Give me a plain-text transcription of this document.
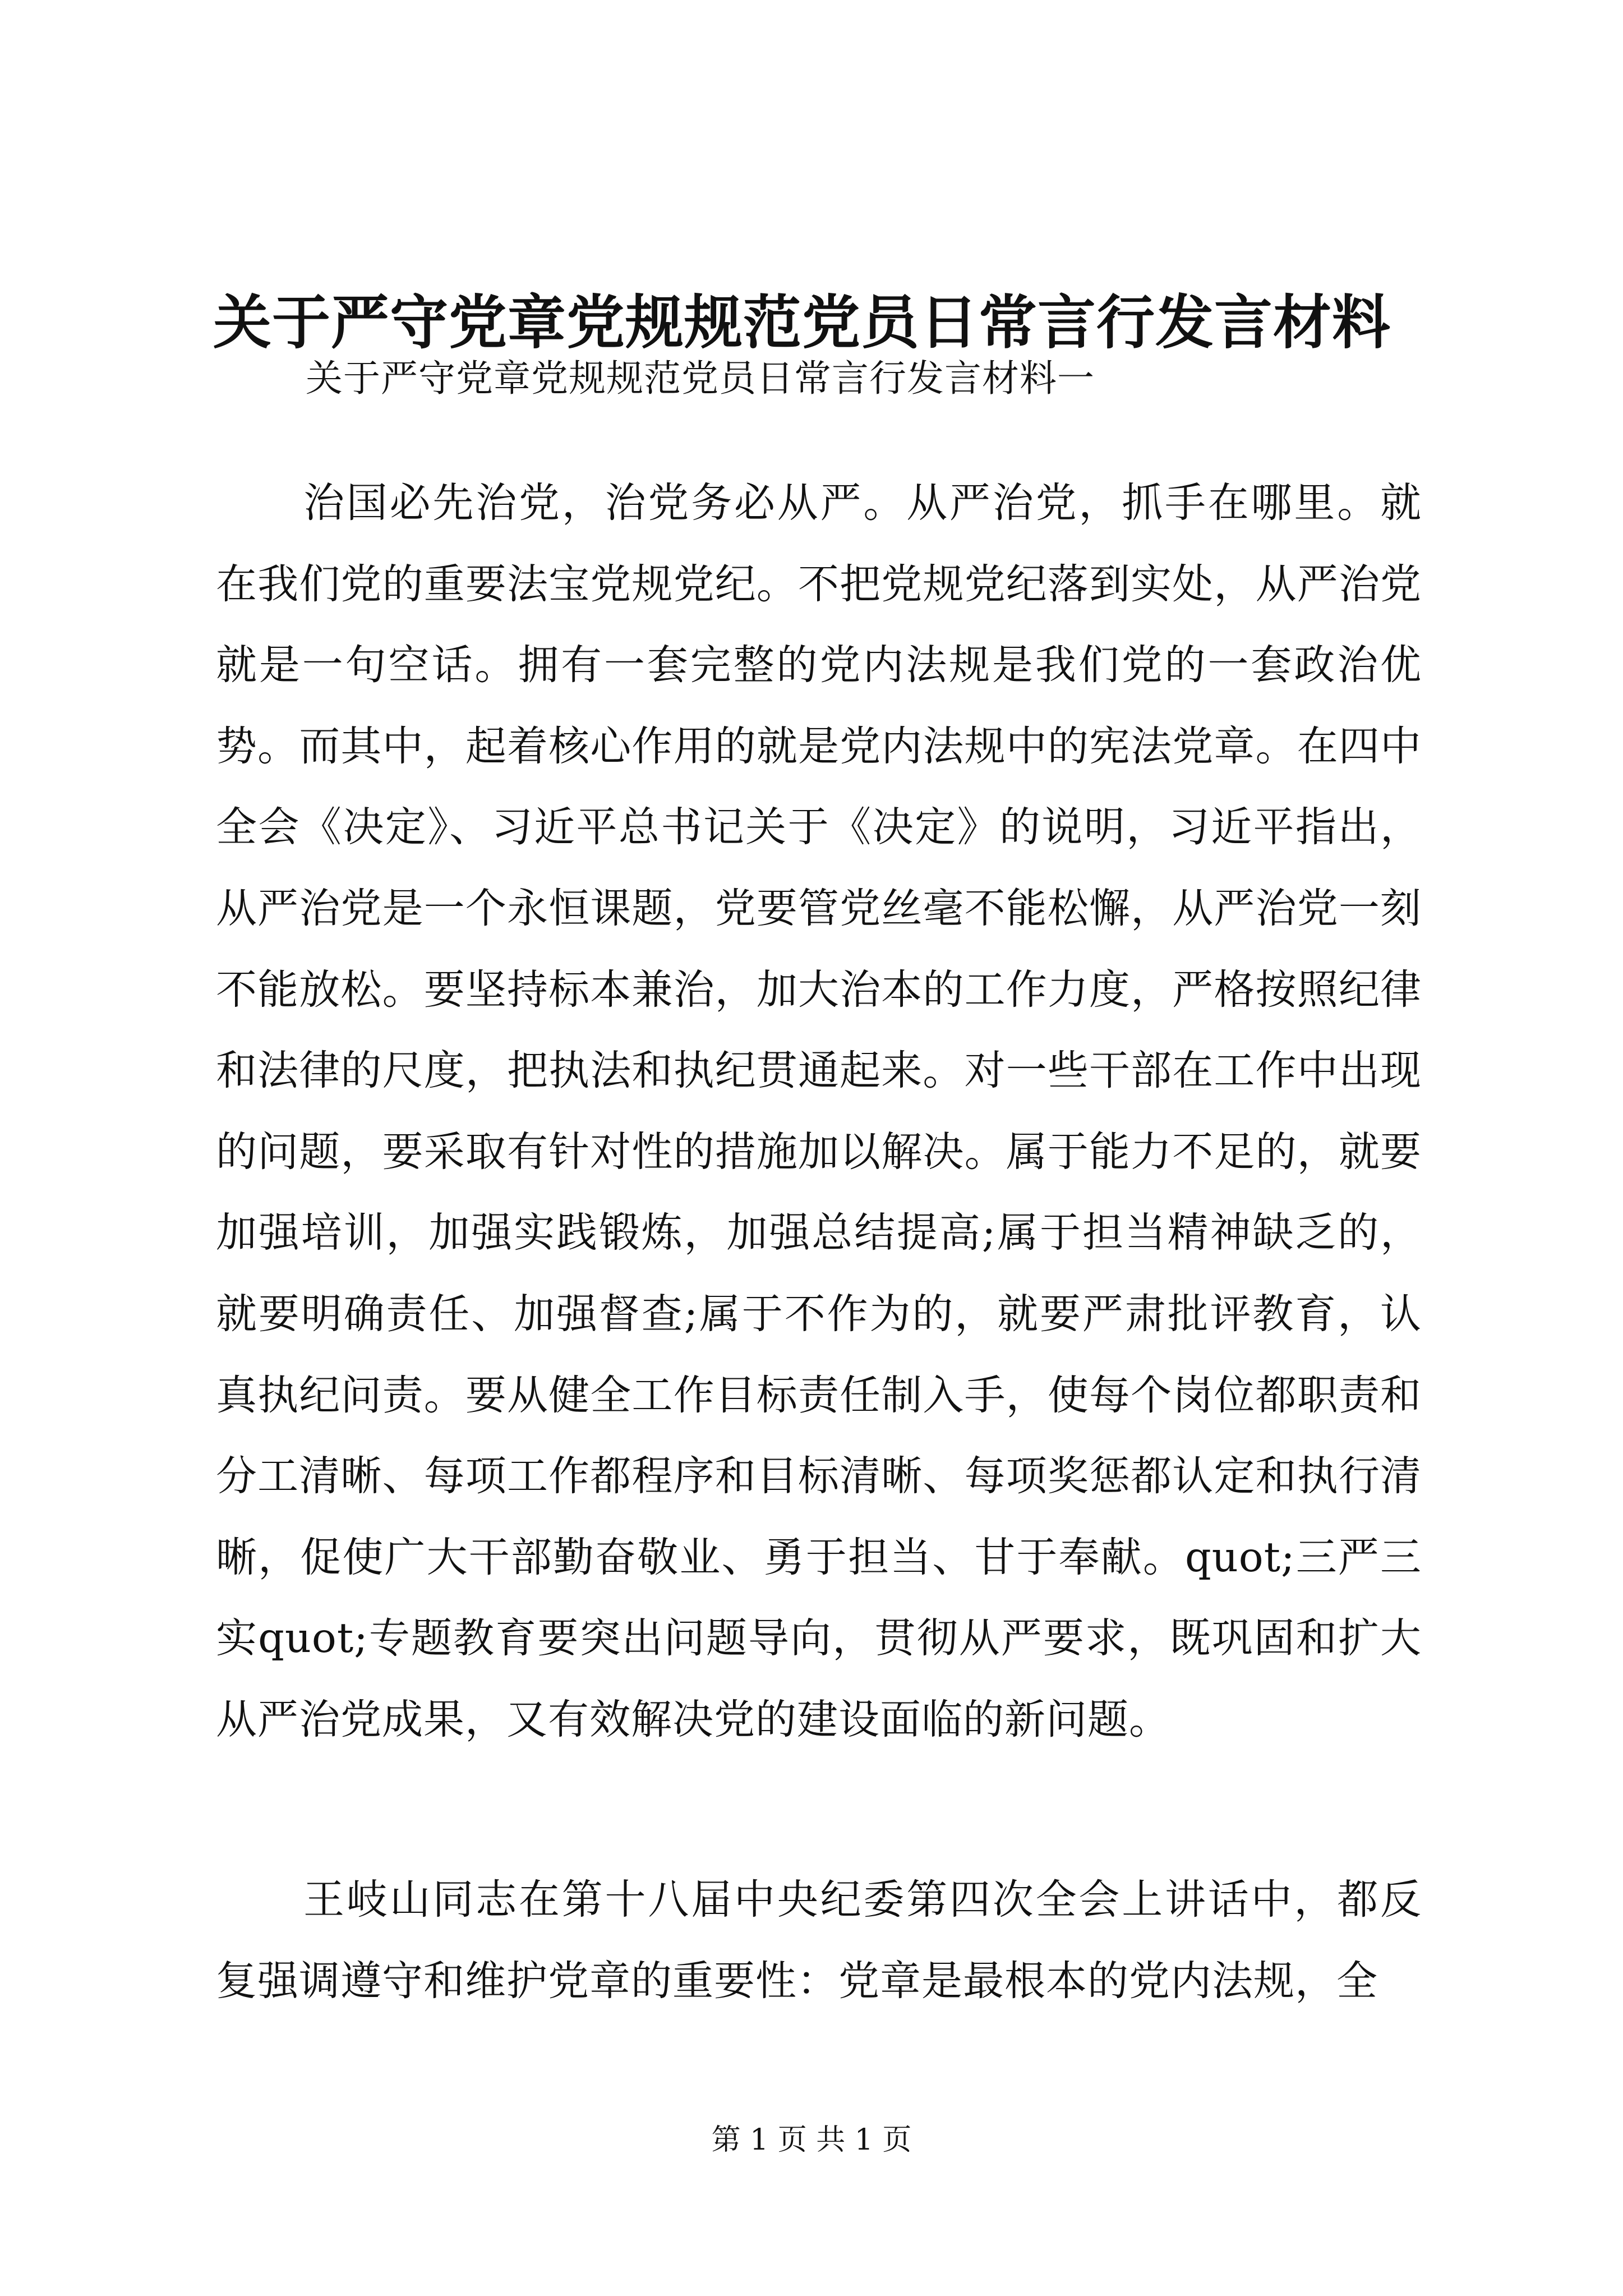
关于严守党章党规规范党员日常言行发言材料

关于严守党章党规规范党员日常言行发言材料一

治国必先治党，治党务必从严。从严治党，抓手在哪里。就在我们党的重要法宝党规党纪。不把党规党纪落到实处，从严治党就是一句空话。拥有一套完整的党内法规是我们党的一套政治优势。而其中，起着核心作用的就是党内法规中的宪法党章。在四中全会《决定》、习近平总书记关于《决定》的说明，习近平指出，从严治党是一个永恒课题，党要管党丝毫不能松懈，从严治党一刻不能放松。要坚持标本兼治，加大治本的工作力度，严格按照纪律和法律的尺度，把执法和执纪贯通起来。对一些干部在工作中出现的问题，要采取有针对性的措施加以解决。属于能力不足的，就要加强培训，加强实践锻炼，加强总结提高;属于担当精神缺乏的，就要明确责任、加强督查;属于不作为的，就要严肃批评教育，认真执纪问责。要从健全工作目标责任制入手，使每个岗位都职责和分工清晰、每项工作都程序和目标清晰、每项奖惩都认定和执行清晰，促使广大干部勤奋敬业、勇于担当、甘于奉献。quot;三严三实quot;专题教育要突出问题导向，贯彻从严要求，既巩固和扩大从严治党成果，又有效解决党的建设面临的新问题。

王岐山同志在第十八届中央纪委第四次全会上讲话中，都反复强调遵守和维护党章的重要性：党章是最根本的党内法规，全

第 1 页 共 1 页
